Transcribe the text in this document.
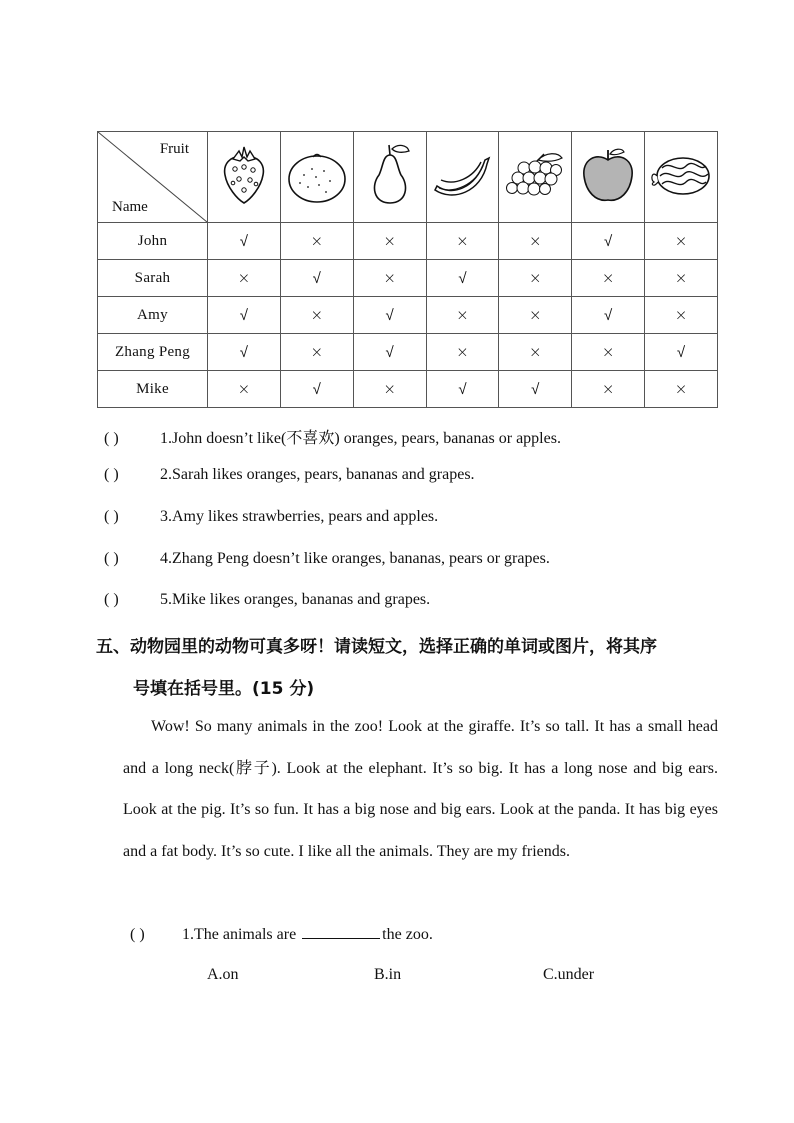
Fruit
Name

John	√	×	×	×	×	√	×
Sarah	×	√	×	√	×	×	×
Amy	√	×	√	×	×	√	×
Zhang Peng	√	×	√	×	×	×	√
Mike	×	√	×	√	√	×	×
( )	1.John doesn’t like(不喜欢) oranges, pears, bananas or apples.
( )	2.Sarah likes oranges, pears, bananas and grapes.
( )	3.Amy likes strawberries, pears and apples.
( )	4.Zhang Peng doesn’t like oranges, bananas, pears or grapes.
( )	5.Mike likes oranges, bananas and grapes.
五、动物园里的动物可真多呀！请读短文，选择正确的单词或图片，将其序
号填在括号里。(15 分)
Wow! So many animals in the zoo! Look at the giraffe. It’s so tall. It has a small head and a long neck(脖子). Look at the elephant. It’s so big. It has a long nose and big ears. Look at the pig. It’s so fun. It has a big nose and big ears. Look at the panda. It has big eyes and a fat body. It’s so cute. I like all the animals. They are my friends.
( ) 1.The animals are	the zoo.
A.on	B.in	C.under
